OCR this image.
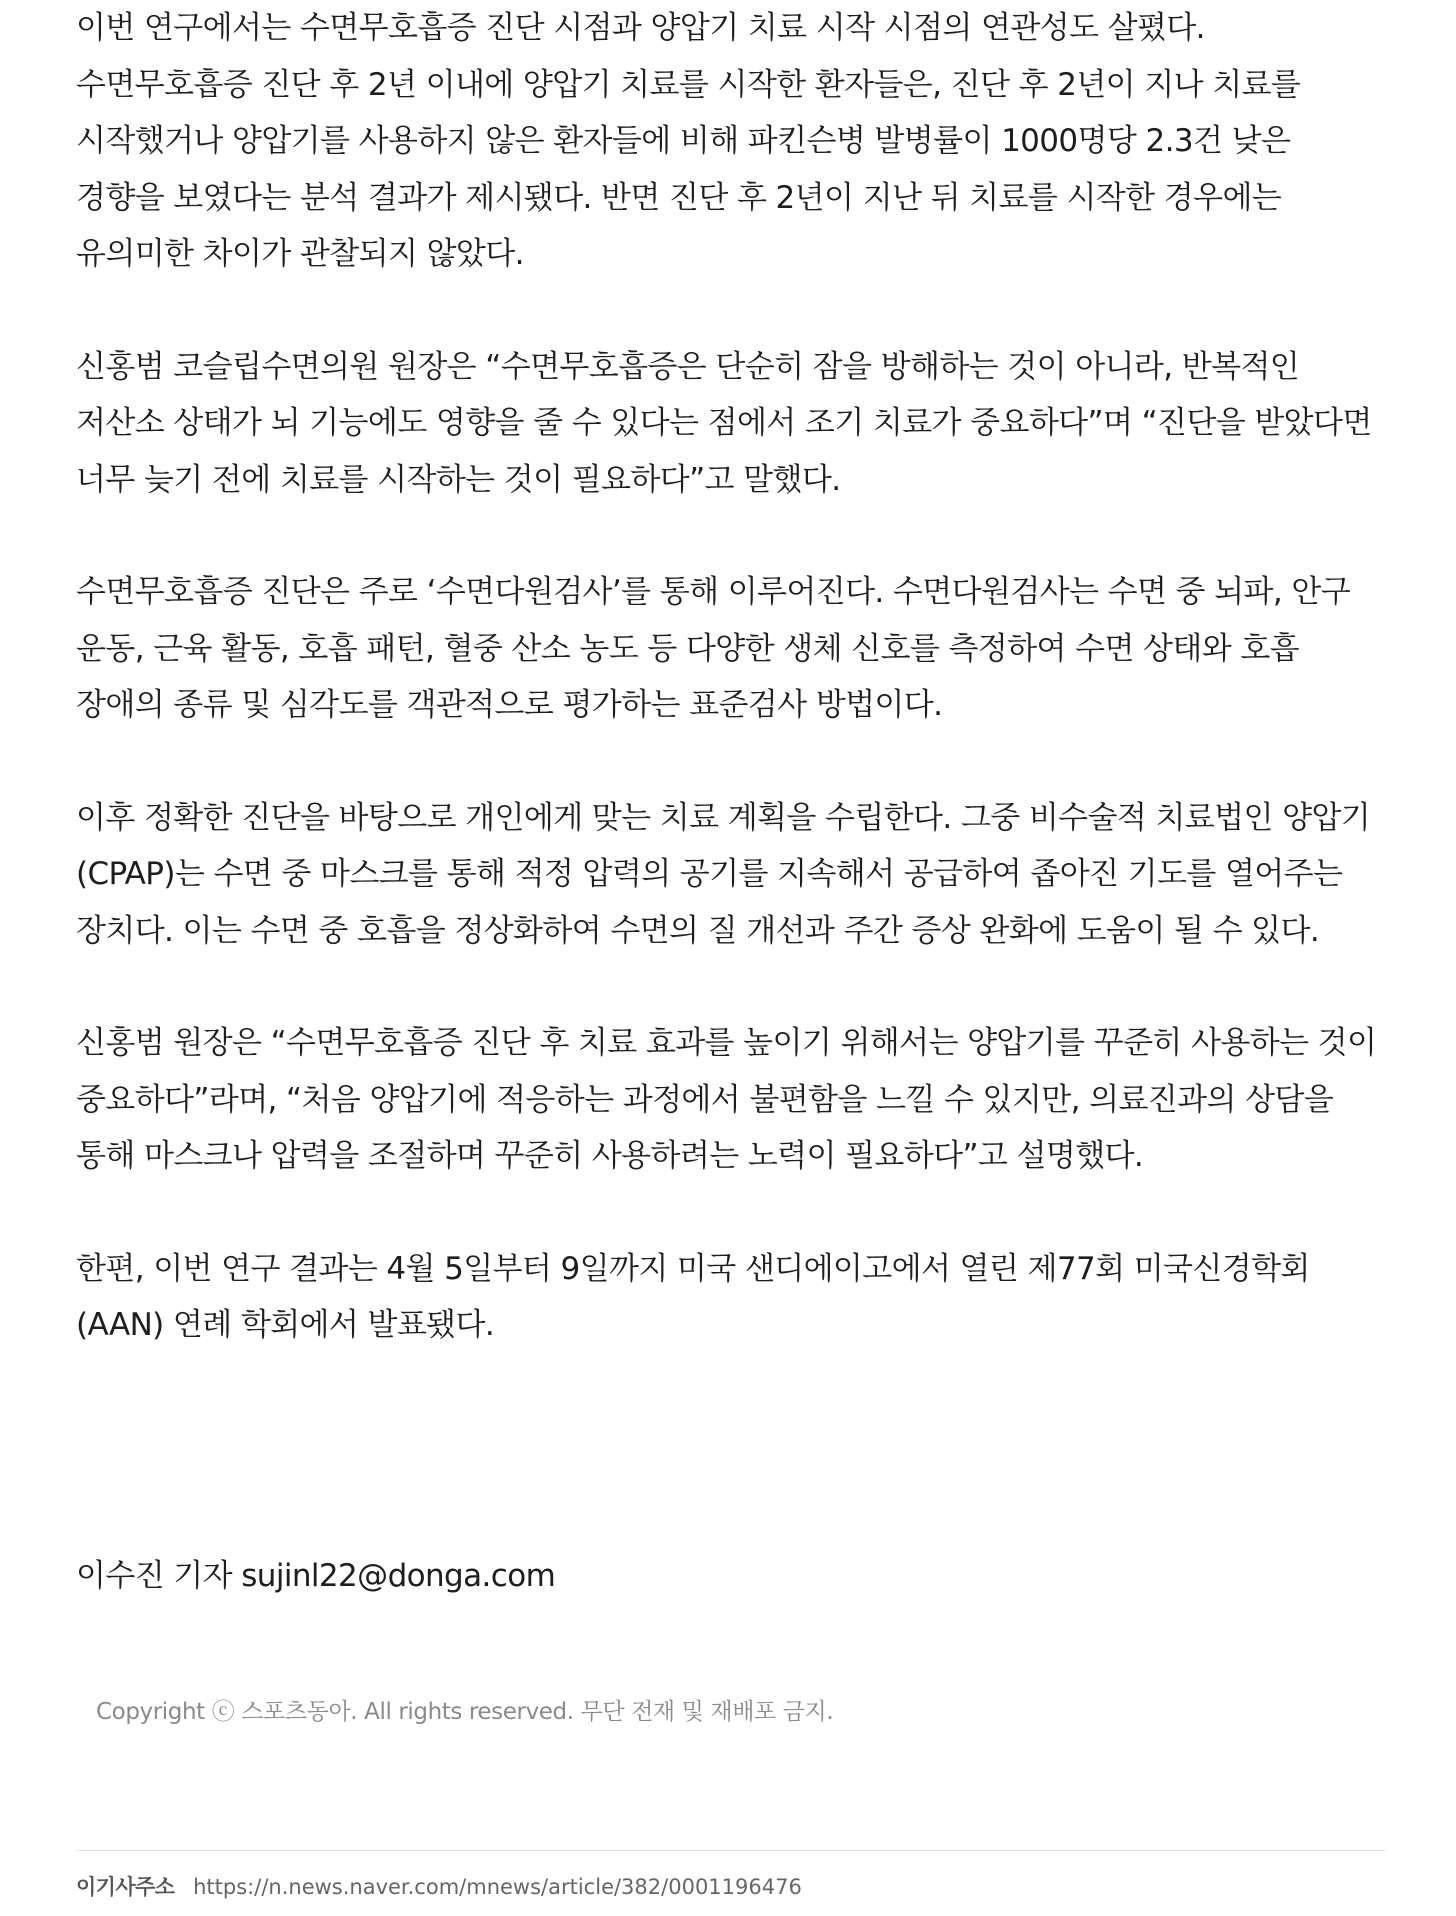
이번 연구에서는 수면무호흡증 진단 시점과 양압기 치료 시작 시점의 연관성도 살폈다. 수면무호흡증 진단 후 2년 이내에 양압기 치료를 시작한 환자들은, 진단 후 2년이 지나 치료를 시작했거나 양압기를 사용하지 않은 환자들에 비해 파킨슨병 발병률이 1000명당 2.3건 낮은 경향을 보였다는 분석 결과가 제시됐다. 반면 진단 후 2년이 지난 뒤 치료를 시작한 경우에는 유의미한 차이가 관찰되지 않았다.

신홍범 코슬립수면의원 원장은 “수면무호흡증은 단순히 잠을 방해하는 것이 아니라, 반복적인 저산소 상태가 뇌 기능에도 영향을 줄 수 있다는 점에서 조기 치료가 중요하다”며 “진단을 받았다면 너무 늦기 전에 치료를 시작하는 것이 필요하다”고 말했다.

수면무호흡증 진단은 주로 ‘수면다원검사’를 통해 이루어진다. 수면다원검사는 수면 중 뇌파, 안구 운동, 근육 활동, 호흡 패턴, 혈중 산소 농도 등 다양한 생체 신호를 측정하여 수면 상태와 호흡 장애의 종류 및 심각도를 객관적으로 평가하는 표준검사 방법이다.

이후 정확한 진단을 바탕으로 개인에게 맞는 치료 계획을 수립한다. 그중 비수술적 치료법인 양압기(CPAP)는 수면 중 마스크를 통해 적정 압력의 공기를 지속해서 공급하여 좁아진 기도를 열어주는 장치다. 이는 수면 중 호흡을 정상화하여 수면의 질 개선과 주간 증상 완화에 도움이 될 수 있다.

신홍범 원장은 “수면무호흡증 진단 후 치료 효과를 높이기 위해서는 양압기를 꾸준히 사용하는 것이 중요하다”라며, “처음 양압기에 적응하는 과정에서 불편함을 느낄 수 있지만, 의료진과의 상담을 통해 마스크나 압력을 조절하며 꾸준히 사용하려는 노력이 필요하다”고 설명했다.

한편, 이번 연구 결과는 4월 5일부터 9일까지 미국 샌디에이고에서 열린 제77회 미국신경학회(AAN) 연례 학회에서 발표됐다.

이수진 기자 sujinl22@donga.com

Copyright ⓒ 스포츠동아. All rights reserved. 무단 전재 및 재배포 금지.

이기사주소 https://n.news.naver.com/mnews/article/382/0001196476
